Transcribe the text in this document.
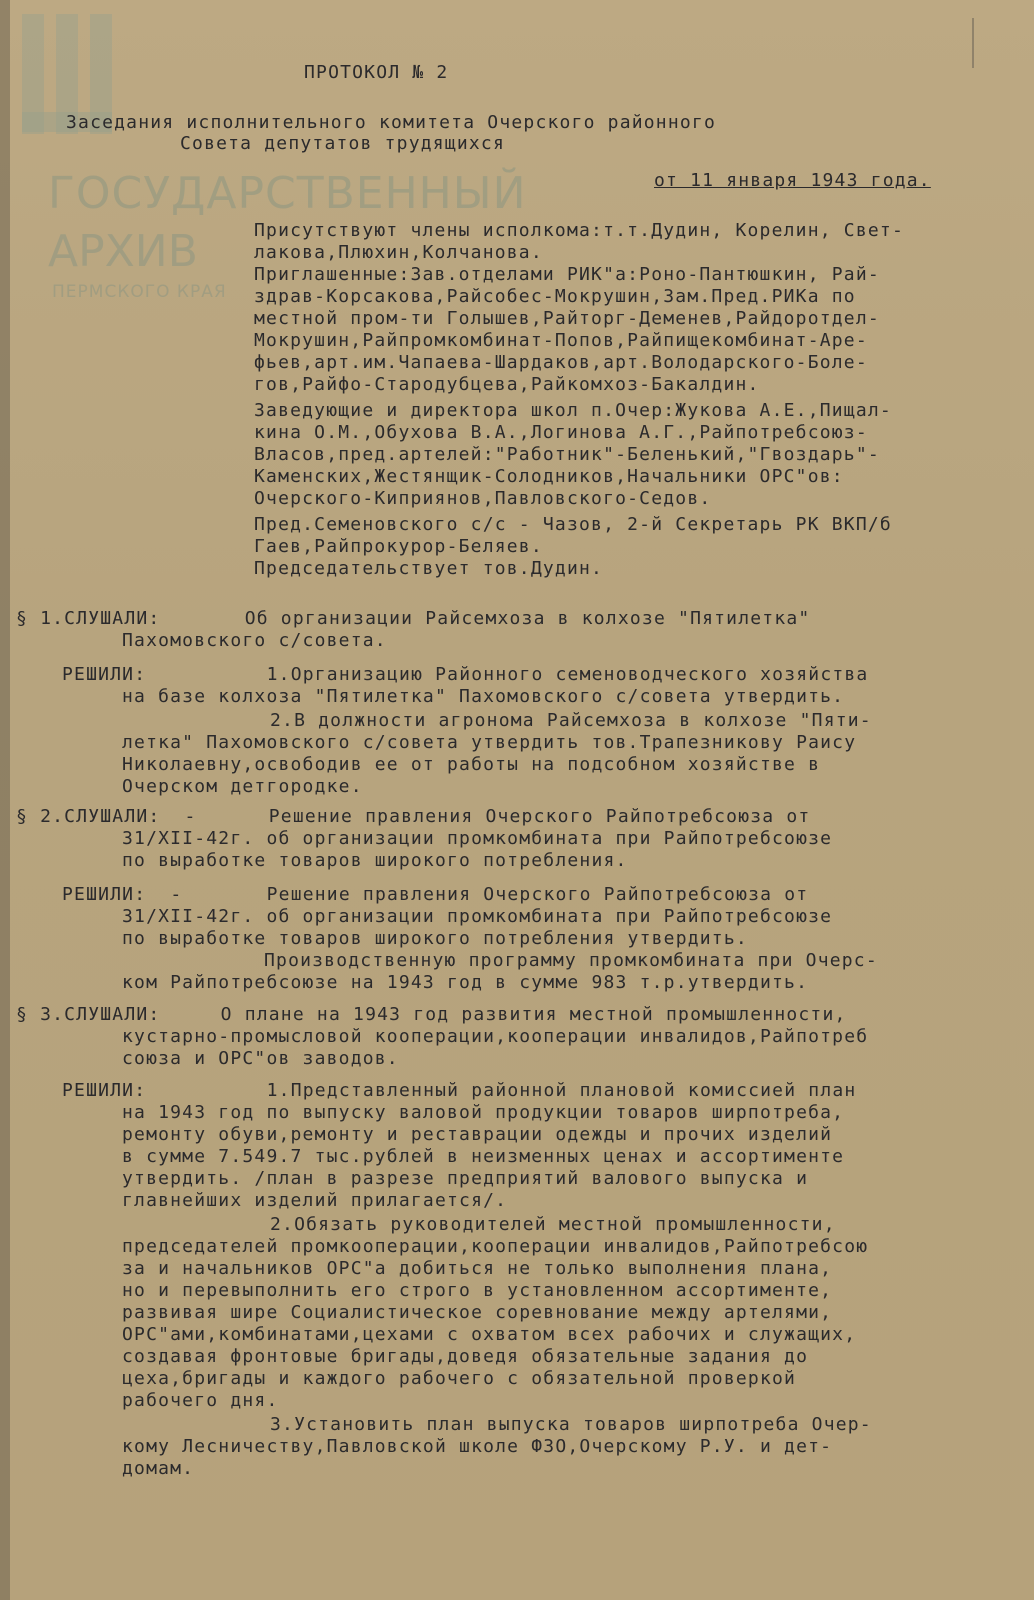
ГОСУДАРСТВЕННЫЙ
АРХИВ
ПЕРМСКОГО КРАЯ
ПРОТОКОЛ № 2
Заседания исполнительного комитета Очерского районного
Совета депутатов трудящихся
от 11 января 1943 года.
Присутствуют члены исполкома:т.т.Дудин, Корелин, Свет-
лакова,Плюхин,Колчанова.
Приглашенные:Зав.отделами РИК"а:Роно-Пантюшкин, Рай-
здрав-Корсакова,Райсобес-Мокрушин,Зам.Пред.РИКа по
местной пром-ти Голышев,Райторг-Деменев,Райдоротдел-
Мокрушин,Райпромкомбинат-Попов,Райпищекомбинат-Аре-
фьев,арт.им.Чапаева-Шардаков,арт.Володарского-Боле-
гов,Райфо-Стародубцева,Райкомхоз-Бакалдин.
Заведующие и директора школ п.Очер:Жукова А.Е.,Пищал-
кина О.М.,Обухова В.А.,Логинова А.Г.,Райпотребсоюз-
Власов,пред.артелей:"Работник"-Беленький,"Гвоздарь"-
Каменских,Жестянщик-Солодников,Начальники ОРС"ов:
Очерского-Киприянов,Павловского-Седов.
Пред.Семеновского с/с - Чазов, 2-й Секретарь РК ВКП/б
Гаев,Райпрокурор-Беляев.
Председательствует тов.Дудин.
§ 1.СЛУШАЛИ:       Об организации Райсемхоза в колхозе "Пятилетка"
Пахомовского с/совета.
РЕШИЛИ:          1.Организацию Районного семеноводческого хозяйства
на базе колхоза "Пятилетка" Пахомовского с/совета утвердить.
2.В должности агронома Райсемхоза в колхозе "Пяти-
летка" Пахомовского с/совета утвердить тов.Трапезникову Раису
Николаевну,освободив ее от работы на подсобном хозяйстве в
Очерском детгородке.
§ 2.СЛУШАЛИ:  -      Решение правления Очерского Райпотребсоюза от
31/XII-42г. об организации промкомбината при Райпотребсоюзе
по выработке товаров широкого потребления.
РЕШИЛИ:  -       Решение правления Очерского Райпотребсоюза от
31/XII-42г. об организации промкомбината при Райпотребсоюзе
по выработке товаров широкого потребления утвердить.
Производственную программу промкомбината при Очерс-
ком Райпотребсоюзе на 1943 год в сумме 983 т.р.утвердить.
§ 3.СЛУШАЛИ:     О плане на 1943 год развития местной промышленности,
кустарно-промысловой кооперации,кооперации инвалидов,Райпотреб
союза и ОРС"ов заводов.
РЕШИЛИ:          1.Представленный районной плановой комиссией план
на 1943 год по выпуску валовой продукции товаров ширпотреба,
ремонту обуви,ремонту и реставрации одежды и прочих изделий
в сумме 7.549.7 тыс.рублей в неизменных ценах и ассортименте
утвердить. /план в разрезе предприятий валового выпуска и
главнейших изделий прилагается/.
2.Обязать руководителей местной промышленности,
председателей промкооперации,кооперации инвалидов,Райпотребсою
за и начальников ОРС"а добиться не только выполнения плана,
но и перевыполнить его строго в установленном ассортименте,
развивая шире Социалистическое соревнование между артелями,
ОРС"ами,комбинатами,цехами с охватом всех рабочих и служащих,
создавая фронтовые бригады,доведя обязательные задания до
цеха,бригады и каждого рабочего с обязательной проверкой
рабочего дня.
3.Установить план выпуска товаров ширпотреба Очер-
кому Лесничеству,Павловской школе ФЗО,Очерскому Р.У. и дет-
домам.
